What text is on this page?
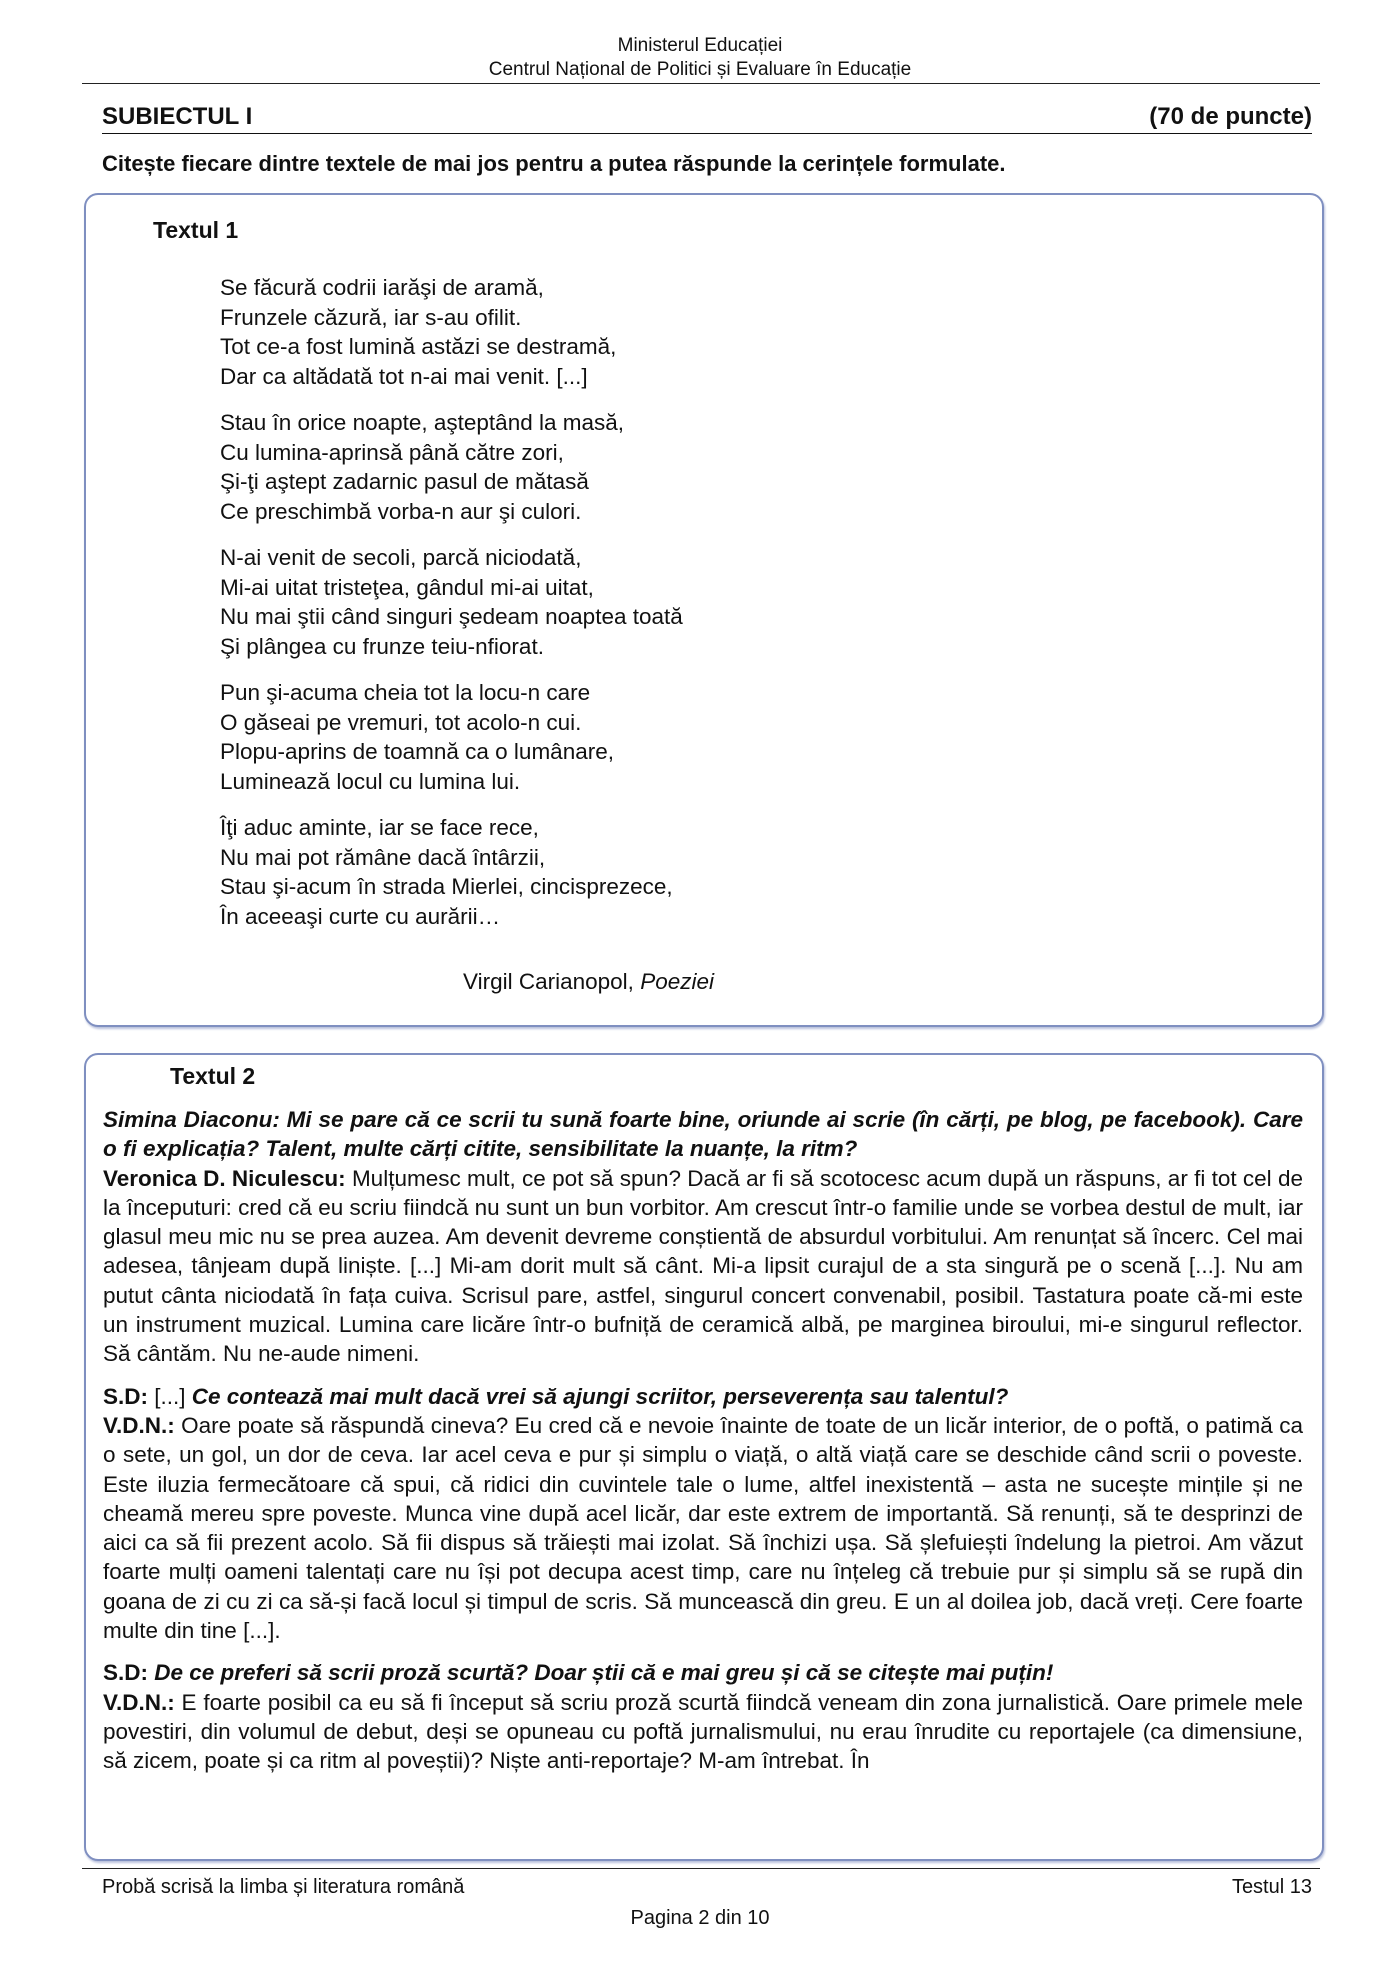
Ministerul Educației
Centrul Național de Politici și Evaluare în Educație
SUBIECTUL I	(70 de puncte)
Citește fiecare dintre textele de mai jos pentru a putea răspunde la cerințele formulate.
Textul 1
Se făcură codrii iarăşi de aramă,
Frunzele căzură, iar s-au ofilit.
Tot ce-a fost lumină astăzi se destramă,
Dar ca altădată tot n-ai mai venit. [...]
Stau în orice noapte, aşteptând la masă,
Cu lumina-aprinsă până către zori,
Şi-ţi aştept zadarnic pasul de mătasă
Ce preschimbă vorba-n aur şi culori.
N-ai venit de secoli, parcă niciodată,
Mi-ai uitat tristeţea, gândul mi-ai uitat,
Nu mai ştii când singuri şedeam noaptea toată
Şi plângea cu frunze teiu-nfiorat.
Pun şi-acuma cheia tot la locu-n care
O găseai pe vremuri, tot acolo-n cui.
Plopu-aprins de toamnă ca o lumânare,
Luminează locul cu lumina lui.
Îţi aduc aminte, iar se face rece,
Nu mai pot rămâne dacă întârzii,
Stau şi-acum în strada Mierlei, cincisprezece,
În aceeaşi curte cu aurării…
Virgil Carianopol, Poeziei
Textul 2

Simina Diaconu: Mi se pare că ce scrii tu sună foarte bine, oriunde ai scrie (în cărți, pe blog, pe facebook). Care o fi explicația? Talent, multe cărți citite, sensibilitate la nuanțe, la ritm?
Veronica D. Niculescu: Mulțumesc mult, ce pot să spun? Dacă ar fi să scotocesc acum după un răspuns, ar fi tot cel de la începuturi: cred că eu scriu fiindcă nu sunt un bun vorbitor. Am crescut într-o familie unde se vorbea destul de mult, iar glasul meu mic nu se prea auzea. Am devenit devreme conștientă de absurdul vorbitului. Am renunțat să încerc. Cel mai adesea, tânjeam după liniște. [...] Mi-am dorit mult să cânt. Mi-a lipsit curajul de a sta singură pe o scenă [...]. Nu am putut cânta niciodată în fața cuiva. Scrisul pare, astfel, singurul concert convenabil, posibil. Tastatura poate că-mi este un instrument muzical. Lumina care licăre într-o bufniță de ceramică albă, pe marginea biroului, mi-e singurul reflector. Să cântăm. Nu ne-aude nimeni.

S.D: [...] Ce contează mai mult dacă vrei să ajungi scriitor, perseverența sau talentul?
V.D.N.: Oare poate să răspundă cineva? Eu cred că e nevoie înainte de toate de un licăr interior, de o poftă, o patimă ca o sete, un gol, un dor de ceva. Iar acel ceva e pur și simplu o viață, o altă viață care se deschide când scrii o poveste. Este iluzia fermecătoare că spui, că ridici din cuvintele tale o lume, altfel inexistentă – asta ne sucește mințile și ne cheamă mereu spre poveste. Munca vine după acel licăr, dar este extrem de importantă. Să renunți, să te desprinzi de aici ca să fii prezent acolo. Să fii dispus să trăiești mai izolat. Să închizi ușa. Să șlefuiești îndelung la pietroi. Am văzut foarte mulți oameni talentați care nu își pot decupa acest timp, care nu înțeleg că trebuie pur și simplu să se rupă din goana de zi cu zi ca să-și facă locul și timpul de scris. Să muncească din greu. E un al doilea job, dacă vreți. Cere foarte multe din tine [...].

S.D: De ce preferi să scrii proză scurtă? Doar știi că e mai greu și că se citește mai puțin!
V.D.N.: E foarte posibil ca eu să fi început să scriu proză scurtă fiindcă veneam din zona jurnalistică. Oare primele mele povestiri, din volumul de debut, deși se opuneau cu poftă jurnalismului, nu erau înrudite cu reportajele (ca dimensiune, să zicem, poate și ca ritm al poveștii)? Niște anti-reportaje? M-am întrebat. În

Probă scrisă la limba și literatura română	Testul 13
Pagina 2 din 10
